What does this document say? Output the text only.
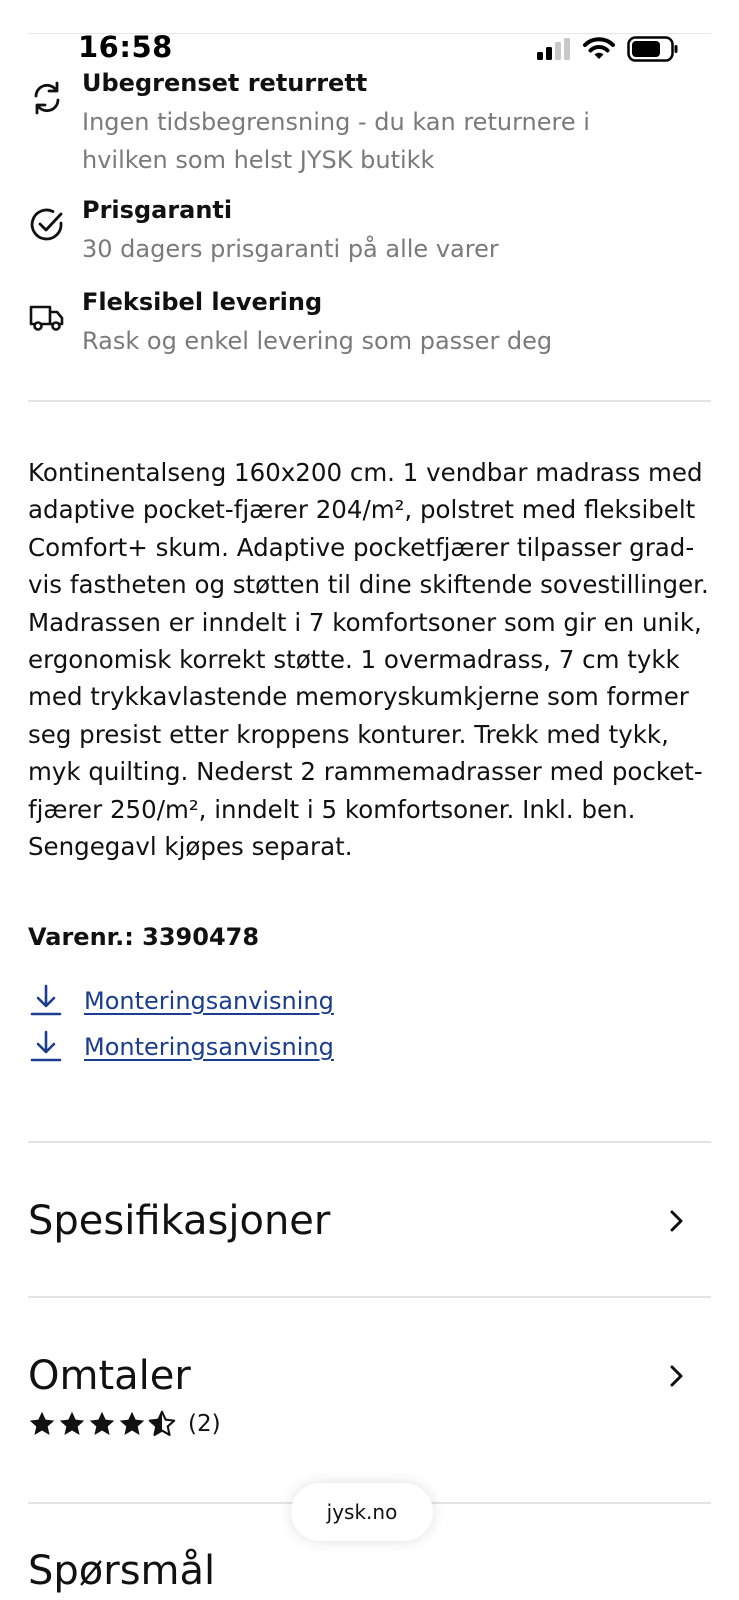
16:58
Ubegrenset returrett
Ingen tidsbegrensning - du kan returnere i hvilken som helst JYSK butikk
Prisgaranti
30 dagers prisgaranti på alle varer
Fleksibel levering
Rask og enkel levering som passer deg
Kontinentalseng 160x200 cm. 1 vendbar madrass med adaptive pocket-fjærer 204/m², polstret med fleksibelt Comfort+ skum. Adaptive pocketfjærer tilpasser gradvis fastheten og støtten til dine skiftende sovestillinger. Madrassen er inndelt i 7 komfortsoner som gir en unik, ergonomisk korrekt støtte. 1 overmadrass, 7 cm tykk med trykkavlastende memoryskumkjerne som former seg presist etter kroppens konturer. Trekk med tykk, myk quilting. Nederst 2 rammemadrasser med pocketfjærer 250/m², inndelt i 5 komfortsoner. Inkl. ben. Sengegavl kjøpes separat.
Varenr.: 3390478
Monteringsanvisning
Monteringsanvisning
Spesifikasjoner
Omtaler
(2)
Spørsmål
jysk.no
